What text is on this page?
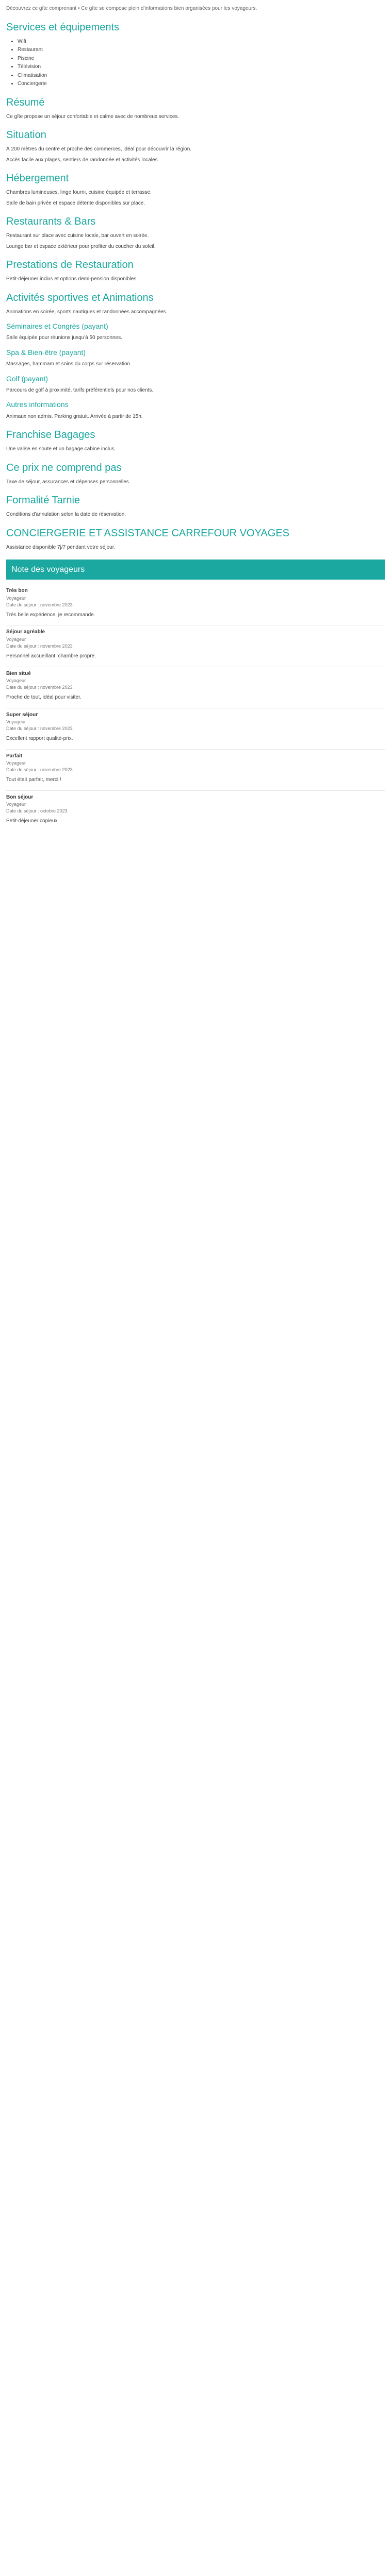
Découvrez ce gîte comprenant • Ce gîte se compose plein d'informations bien organisées pour les voyageurs.
Services et équipements
• Wifi
• Restaurant
• Piscine
• Télévision
• Climatisation
• Conciergerie
Résumé

Ce gîte propose un séjour confortable et calme avec de nombreux services.

Situation

À 200 mètres du centre et proche des commerces, idéal pour découvrir la région.

Accès facile aux plages, sentiers de randonnée et activités locales.

Hébergement

Chambres lumineuses, linge fourni, cuisine équipée et terrasse.

Salle de bain privée et espace détente disponibles sur place.

Restaurants & Bars

Restaurant sur place avec cuisine locale, bar ouvert en soirée.

Lounge bar et espace extérieur pour profiter du coucher du soleil.

Prestations de Restauration

Petit-déjeuner inclus et options demi-pension disponibles.

Activités sportives et Animations

Animations en soirée, sports nautiques et randonnées accompagnées.

Séminaires et Congrès (payant)

Salle équipée pour réunions jusqu'à 50 personnes.

Spa & Bien-être (payant)

Massages, hammam et soins du corps sur réservation.

Golf (payant)

Parcours de golf à proximité, tarifs préférentiels pour nos clients.

Autres informations

Animaux non admis. Parking gratuit. Arrivée à partir de 15h.

Franchise Bagages

Une valise en soute et un bagage cabine inclus.

Ce prix ne comprend pas

Taxe de séjour, assurances et dépenses personnelles.

Formalité Tarnie

Conditions d'annulation selon la date de réservation.

CONCIERGERIE ET ASSISTANCE CARREFOUR VOYAGES

Assistance disponible 7j/7 pendant votre séjour.

Note des voyageurs
Très bon
Voyageur
Date du séjour : novembre 2023

Très belle expérience, je recommande.

Séjour agréable
Voyageur
Date du séjour : novembre 2023

Personnel accueillant, chambre propre.

Bien situé
Voyageur
Date du séjour : novembre 2023

Proche de tout, idéal pour visiter.

Super séjour
Voyageur
Date du séjour : novembre 2023

Excellent rapport qualité-prix.

Parfait
Voyageur
Date du séjour : novembre 2023

Tout était parfait, merci !

Bon séjour
Voyageur
Date du séjour : octobre 2023

Petit-déjeuner copieux.
